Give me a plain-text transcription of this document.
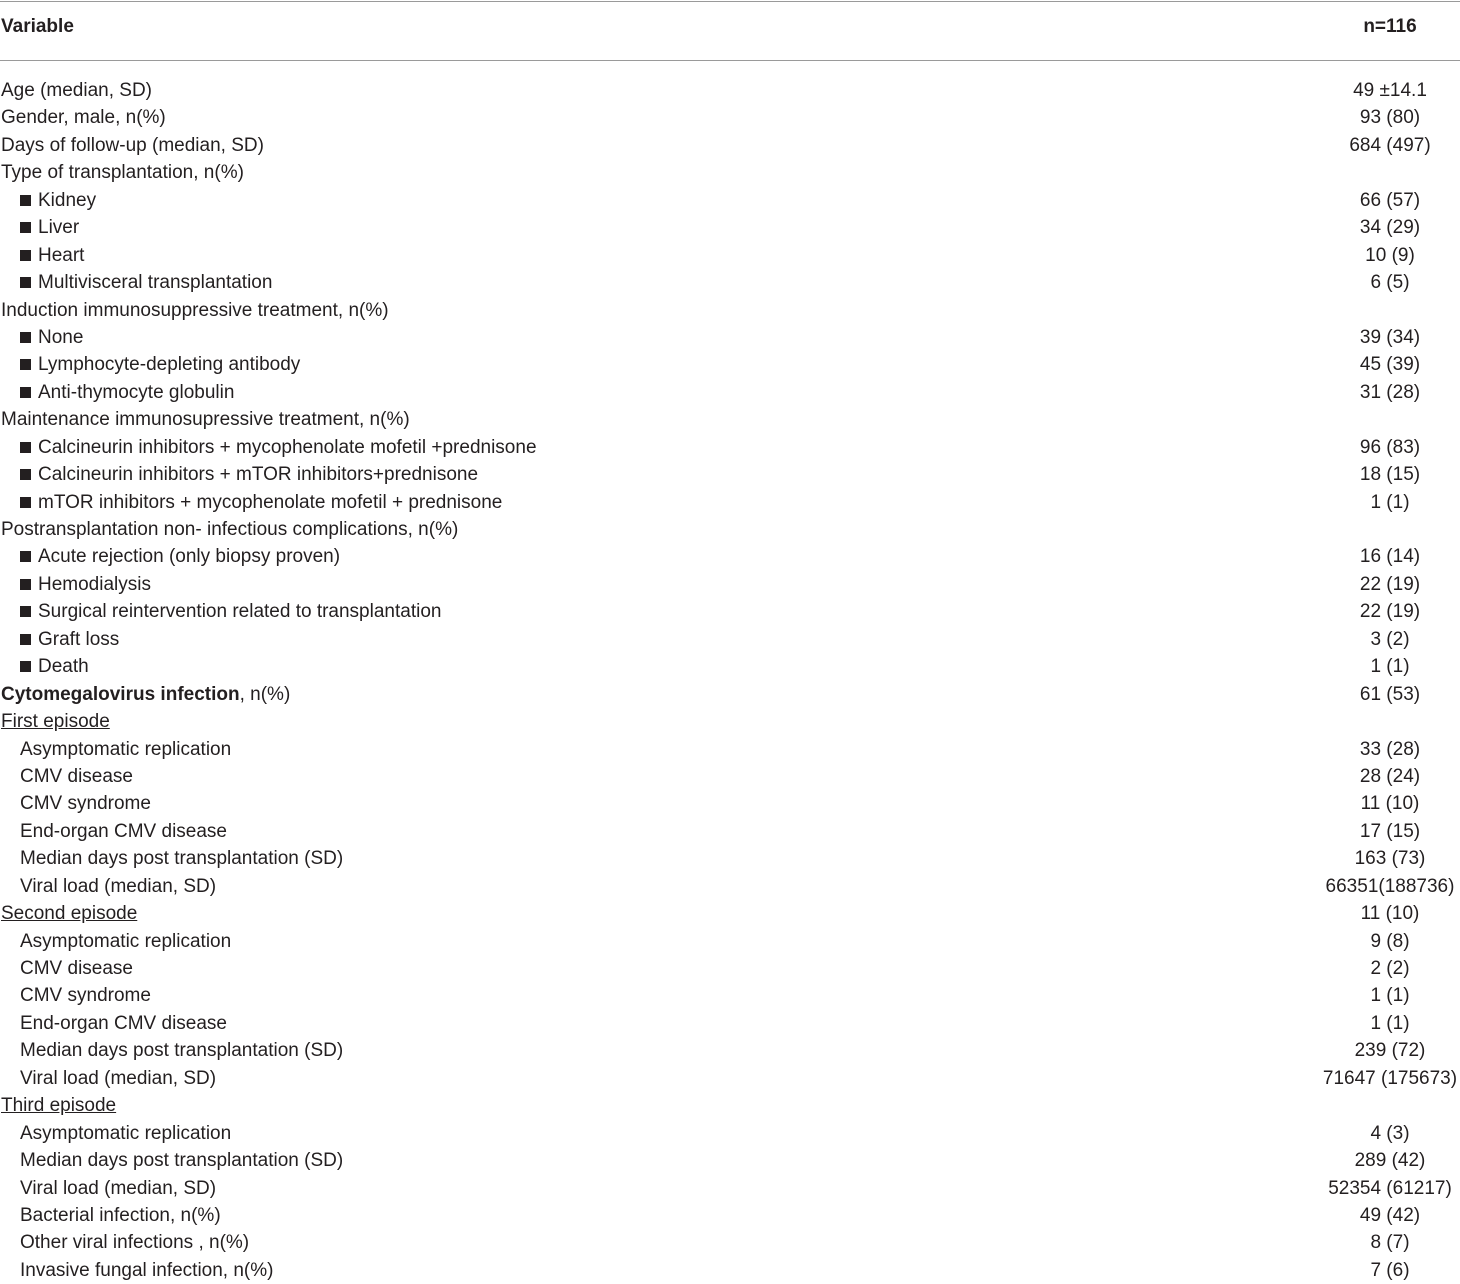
Variable	n=116
Age (median, SD)	49 ±14.1
Gender, male, n(%)	93 (80)
Days of follow-up (median, SD)	684 (497)
Type of transplantation, n(%)
Kidney	66 (57)
Liver	34 (29)
Heart	10 (9)
Multivisceral transplantation	6 (5)
Induction immunosuppressive treatment, n(%)
None	39 (34)
Lymphocyte-depleting antibody	45 (39)
Anti-thymocyte globulin	31 (28)
Maintenance immunosupressive treatment, n(%)
Calcineurin inhibitors + mycophenolate mofetil +prednisone	96 (83)
Calcineurin inhibitors + mTOR inhibitors+prednisone	18 (15)
mTOR inhibitors + mycophenolate mofetil + prednisone	1 (1)
Postransplantation non- infectious complications, n(%)
Acute rejection (only biopsy proven)	16 (14)
Hemodialysis	22 (19)
Surgical reintervention related to transplantation	22 (19)
Graft loss	3 (2)
Death	1 (1)
Cytomegalovirus infection, n(%)	61 (53)
First episode
Asymptomatic replication	33 (28)
CMV disease	28 (24)
CMV syndrome	11 (10)
End-organ CMV disease	17 (15)
Median days post transplantation (SD)	163 (73)
Viral load (median, SD)	66351(188736)
Second episode	11 (10)
Asymptomatic replication	9 (8)
CMV disease	2 (2)
CMV syndrome	1 (1)
End-organ CMV disease	1 (1)
Median days post transplantation (SD)	239 (72)
Viral load (median, SD)	71647 (175673)
Third episode
Asymptomatic replication	4 (3)
Median days post transplantation (SD)	289 (42)
Viral load (median, SD)	52354 (61217)
Bacterial infection, n(%)	49 (42)
Other viral infections , n(%)	8 (7)
Invasive fungal infection, n(%)	7 (6)
